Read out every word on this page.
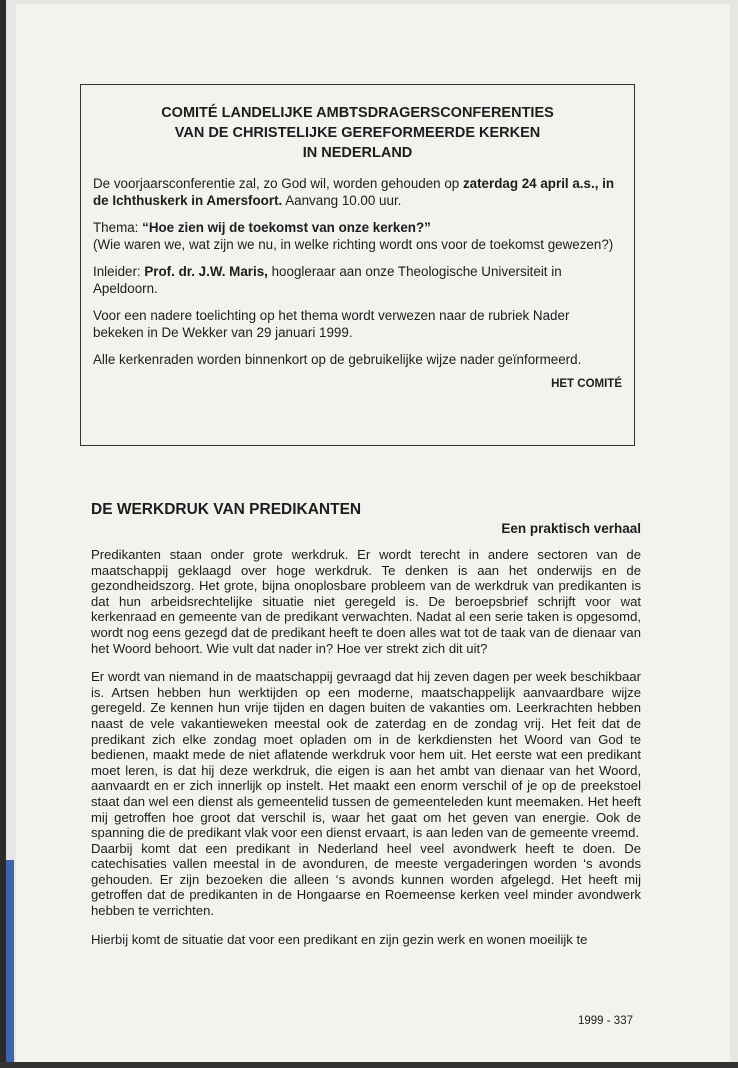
COMITÉ LANDELIJKE AMBTSDRAGERSCONFERENTIES
VAN DE CHRISTELIJKE GEREFORMEERDE KERKEN
IN NEDERLAND

De voorjaarsconferentie zal, zo God wil, worden gehouden op zaterdag 24 april a.s., in de Ichthuskerk in Amersfoort. Aanvang 10.00 uur.

Thema: “Hoe zien wij de toekomst van onze kerken?”
(Wie waren we, wat zijn we nu, in welke richting wordt ons voor de toekomst gewezen?)

Inleider: Prof. dr. J.W. Maris, hoogleraar aan onze Theologische Universiteit in Apeldoorn.

Voor een nadere toelichting op het thema wordt verwezen naar de rubriek Nader bekeken in De Wekker van 29 januari 1999.

Alle kerkenraden worden binnenkort op de gebruikelijke wijze nader geïnformeerd.

HET COMITÉ
DE WERKDRUK VAN PREDIKANTEN
Een praktisch verhaal

Predikanten staan onder grote werkdruk. Er wordt terecht in andere sectoren van de maatschappij geklaagd over hoge werkdruk. Te denken is aan het onderwijs en de gezondheidszorg. Het grote, bijna onoplosbare probleem van de werkdruk van predikanten is dat hun arbeidsrechtelijke situatie niet geregeld is. De beroepsbrief schrijft voor wat kerkenraad en gemeente van de predikant verwachten. Nadat al een serie taken is opgesomd, wordt nog eens gezegd dat de predikant heeft te doen alles wat tot de taak van de dienaar van het Woord behoort. Wie vult dat nader in? Hoe ver strekt zich dit uit?

Er wordt van niemand in de maatschappij gevraagd dat hij zeven dagen per week beschikbaar is. Artsen hebben hun werktijden op een moderne, maatschappelijk aanvaardbare wijze geregeld. Ze kennen hun vrije tijden en dagen buiten de vakanties om. Leerkrachten hebben naast de vele vakantieweken meestal ook de zaterdag en de zondag vrij. Het feit dat de predikant zich elke zondag moet opladen om in de kerkdiensten het Woord van God te bedienen, maakt mede de niet aflatende werkdruk voor hem uit. Het eerste wat een predikant moet leren, is dat hij deze werkdruk, die eigen is aan het ambt van dienaar van het Woord, aanvaardt en er zich innerlijk op instelt. Het maakt een enorm verschil of je op de preekstoel staat dan wel een dienst als gemeentelid tussen de gemeenteleden kunt meemaken. Het heeft mij getroffen hoe groot dat verschil is, waar het gaat om het geven van energie. Ook de spanning die de predikant vlak voor een dienst ervaart, is aan leden van de gemeente vreemd.

Daarbij komt dat een predikant in Nederland heel veel avondwerk heeft te doen. De catechisaties vallen meestal in de avonduren, de meeste vergaderingen worden ‘s avonds gehouden. Er zijn bezoeken die alleen ‘s avonds kunnen worden afgelegd. Het heeft mij getroffen dat de predikanten in de Hongaarse en Roemeense kerken veel minder avondwerk hebben te verrichten.

Hierbij komt de situatie dat voor een predikant en zijn gezin werk en wonen moeilijk te

1999 - 337
